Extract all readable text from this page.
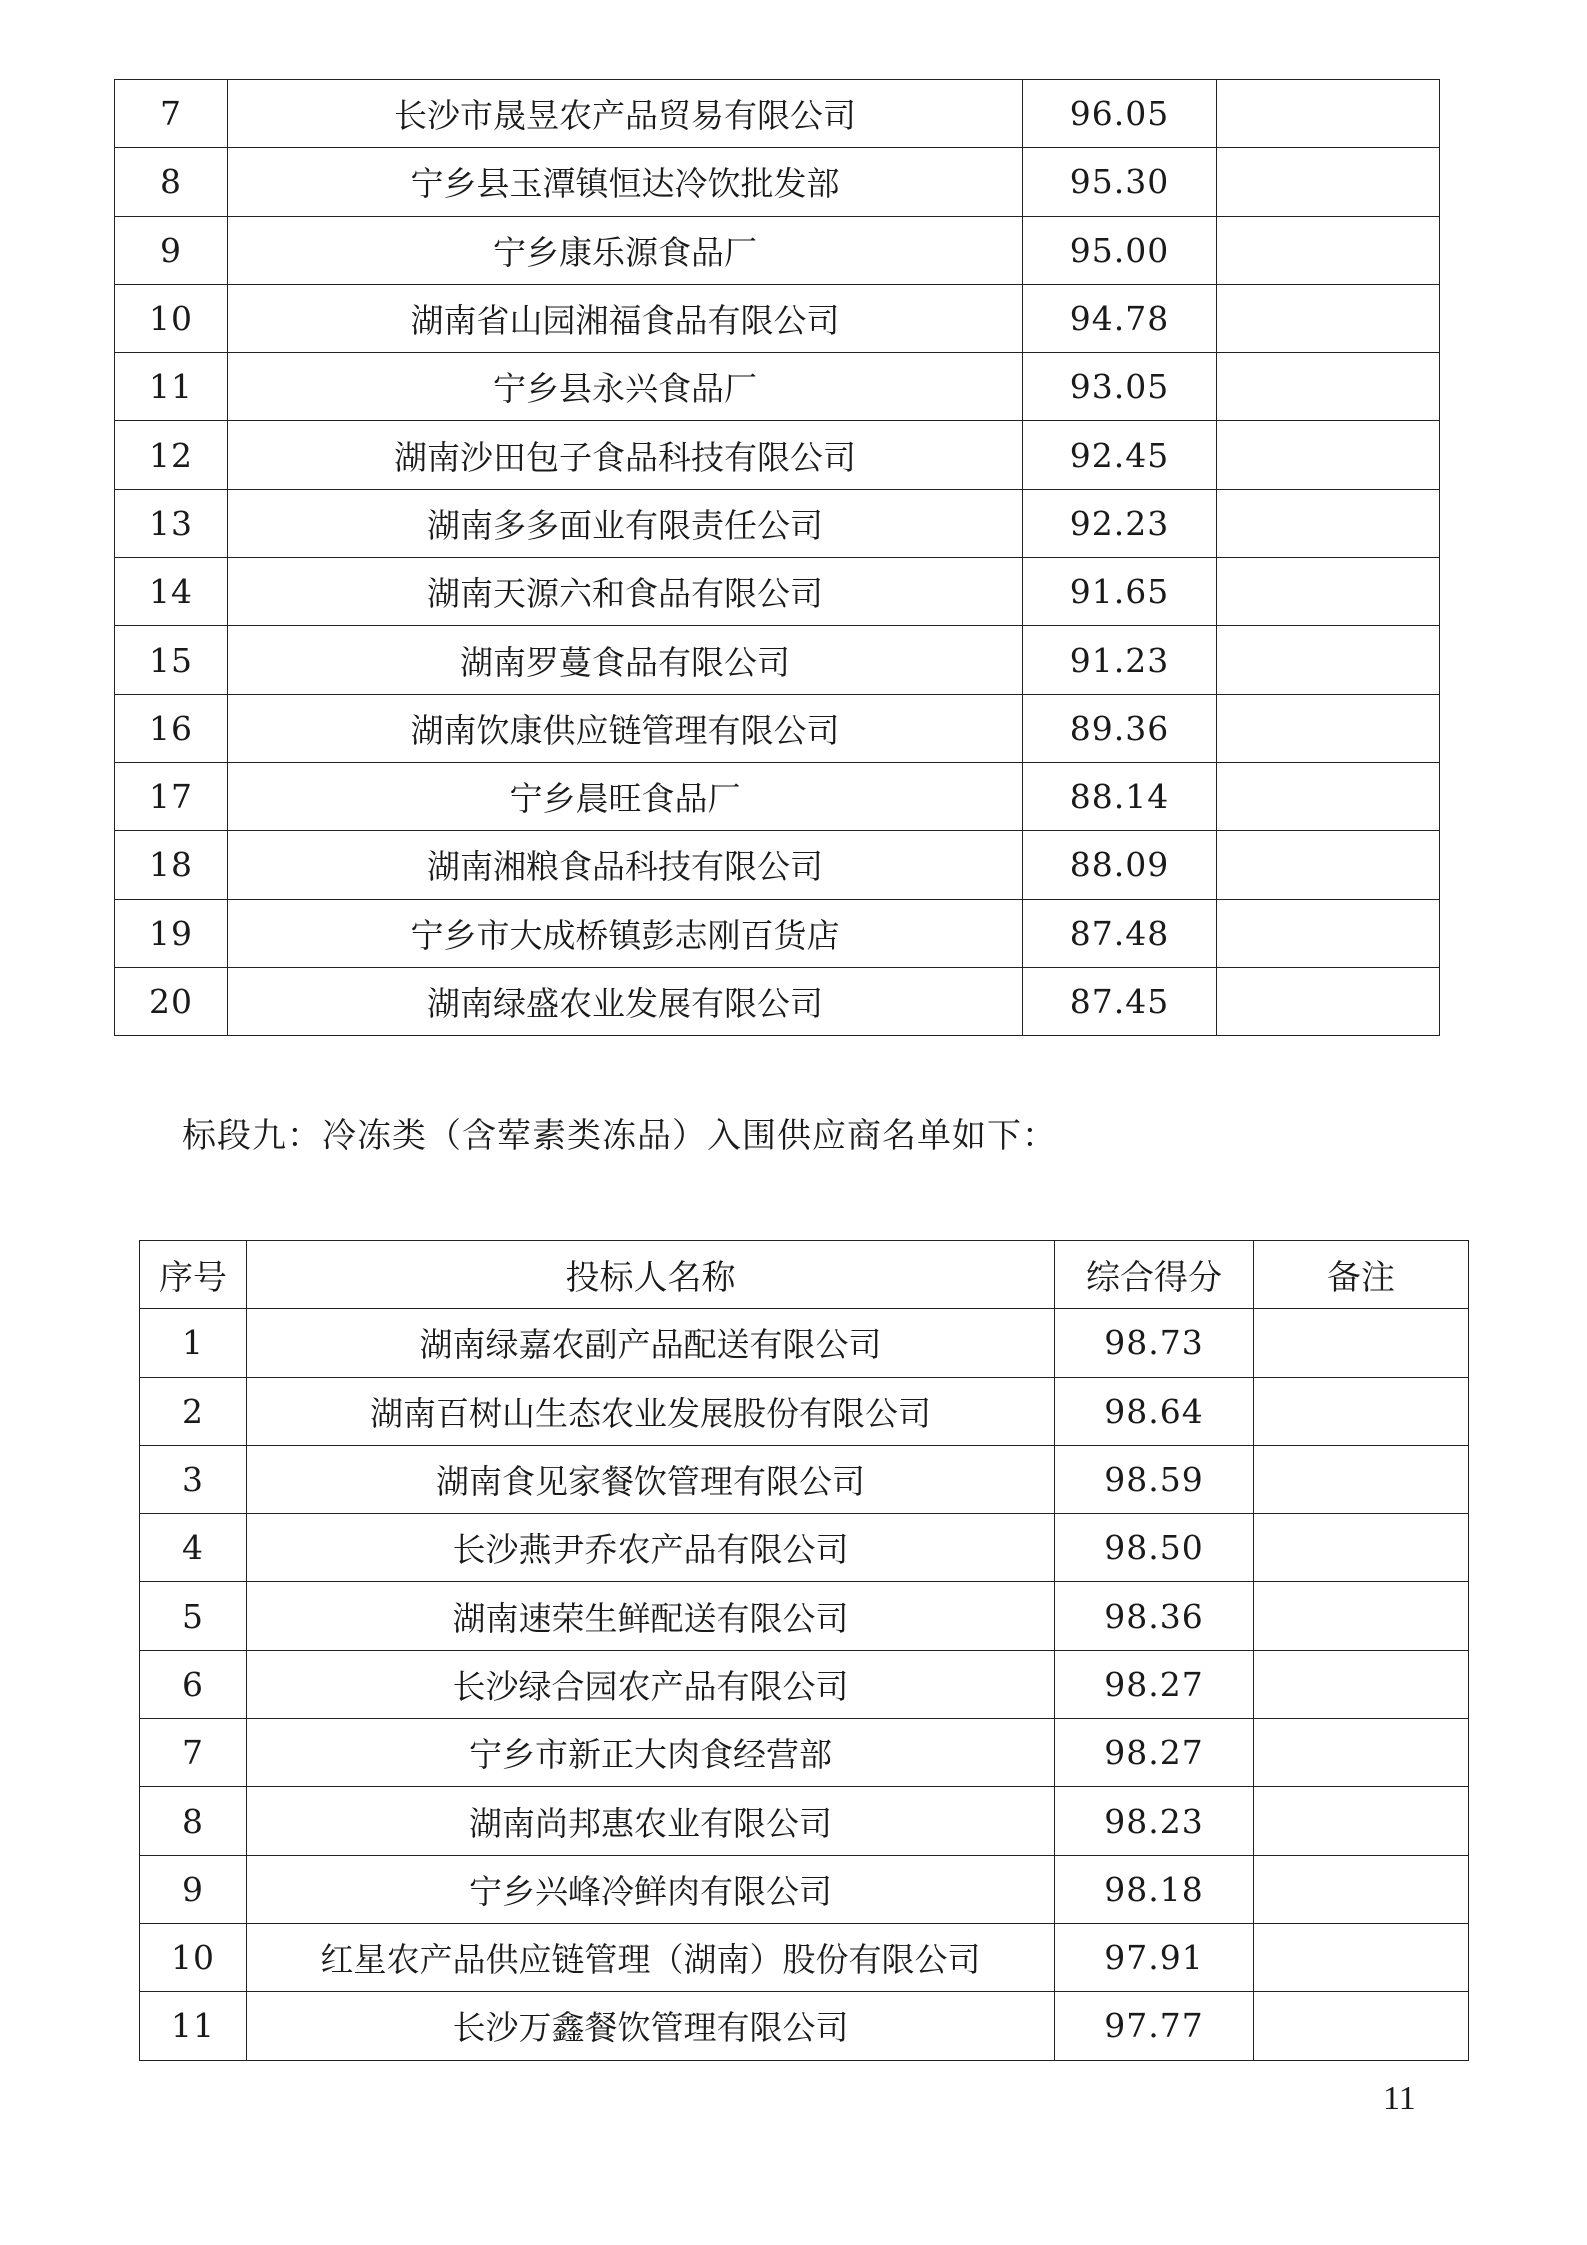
7	长沙市晟昱农产品贸易有限公司	96.05	
8	宁乡县玉潭镇恒达冷饮批发部	95.30	
9	宁乡康乐源食品厂	95.00	
10	湖南省山园湘福食品有限公司	94.78	
11	宁乡县永兴食品厂	93.05	
12	湖南沙田包子食品科技有限公司	92.45	
13	湖南多多面业有限责任公司	92.23	
14	湖南天源六和食品有限公司	91.65	
15	湖南罗蔓食品有限公司	91.23	
16	湖南饮康供应链管理有限公司	89.36	
17	宁乡晨旺食品厂	88.14	
18	湖南湘粮食品科技有限公司	88.09	
19	宁乡市大成桥镇彭志刚百货店	87.48	
20	湖南绿盛农业发展有限公司	87.45	
标段九：冷冻类（含荤素类冻品）入围供应商名单如下：
序号	投标人名称	综合得分	备注
1	湖南绿嘉农副产品配送有限公司	98.73	
2	湖南百树山生态农业发展股份有限公司	98.64	
3	湖南食见家餐饮管理有限公司	98.59	
4	长沙燕尹乔农产品有限公司	98.50	
5	湖南速荣生鲜配送有限公司	98.36	
6	长沙绿合园农产品有限公司	98.27	
7	宁乡市新正大肉食经营部	98.27	
8	湖南尚邦惠农业有限公司	98.23	
9	宁乡兴峰冷鲜肉有限公司	98.18	
10	红星农产品供应链管理（湖南）股份有限公司	97.91	
11	长沙万鑫餐饮管理有限公司	97.77	
11
